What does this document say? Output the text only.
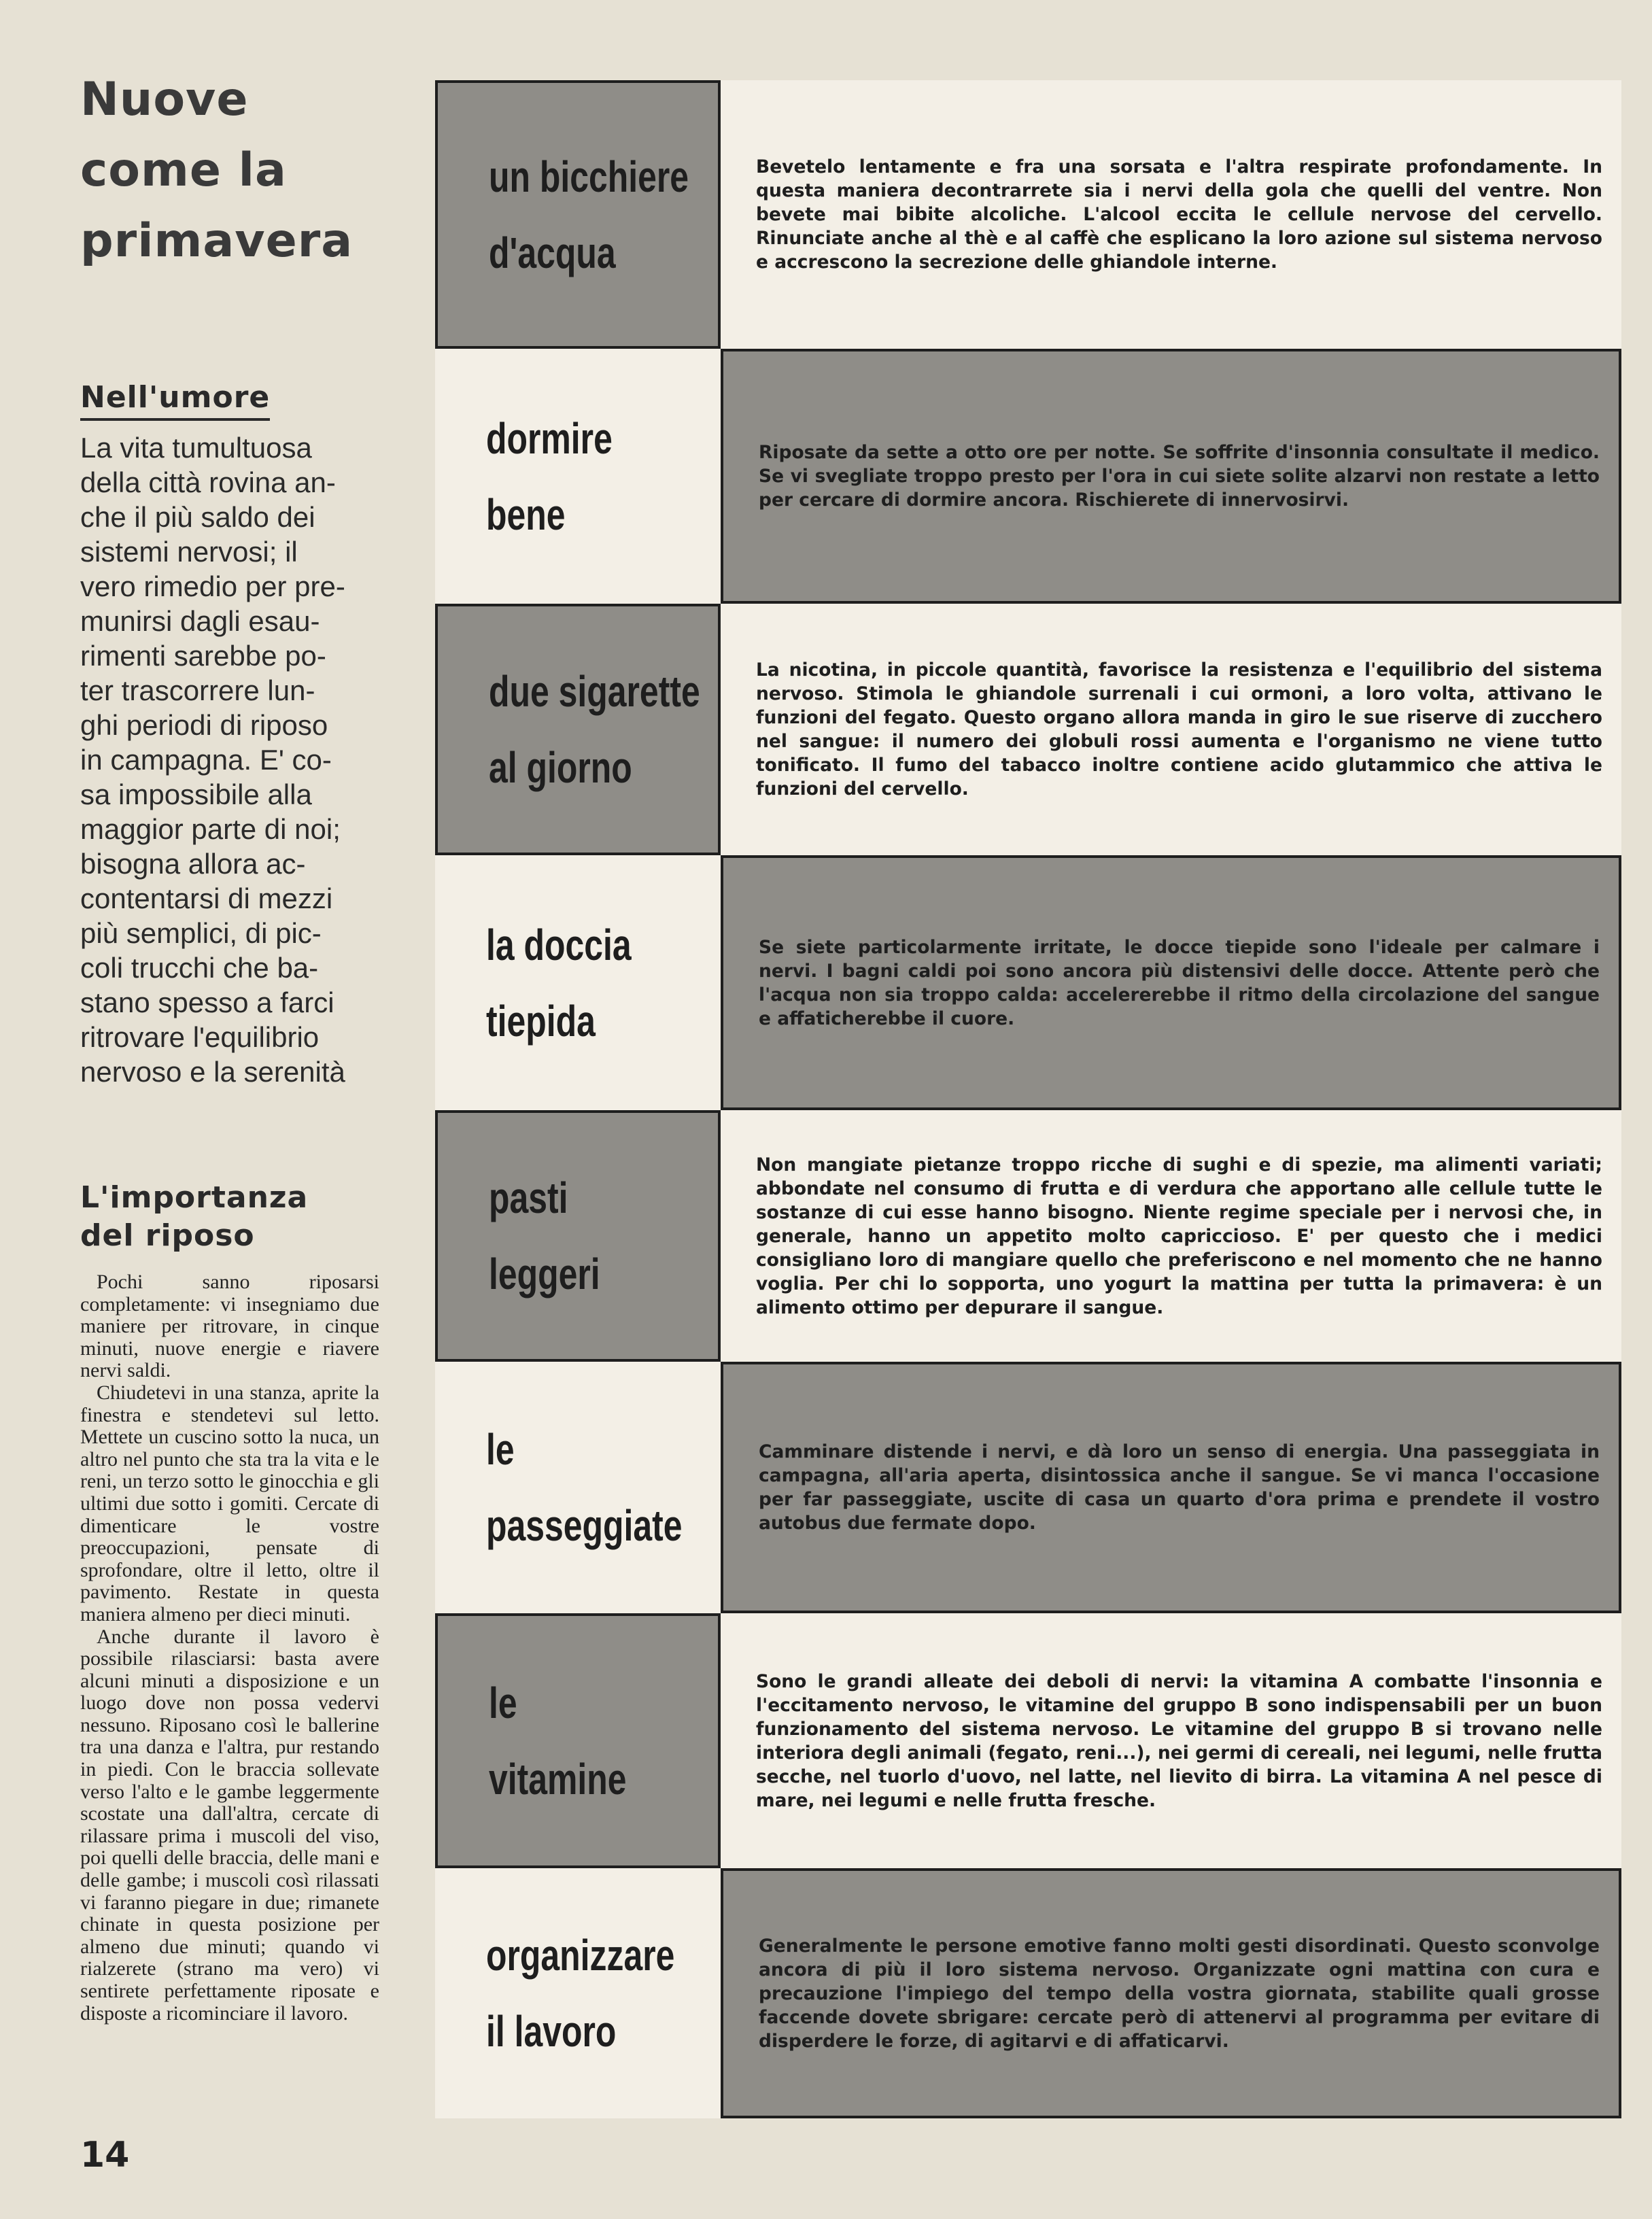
Nuove

come la

primavera

Nell'umore

La vita tumultuosa

della città rovina an-

che il più saldo dei

sistemi nervosi; il

vero rimedio per pre-

munirsi dagli esau-

rimenti sarebbe po-

ter trascorrere lun-

ghi periodi di riposo

in campagna. E' co-

sa impossibile alla

maggior parte di noi;

bisogna allora ac-

contentarsi di mezzi

più semplici, di pic-

coli trucchi che ba-

stano spesso a farci

ritrovare l'equilibrio

nervoso e la serenità

L'importanza

del riposo

Pochi sanno riposarsi completamente: vi insegniamo due maniere per ritrovare, in cinque minuti, nuove energie e riavere nervi saldi.

Chiudetevi in una stanza, aprite la finestra e stendetevi sul letto. Mettete un cuscino sotto la nuca, un altro nel punto che sta tra la vita e le reni, un terzo sotto le ginocchia e gli ultimi due sotto i gomiti. Cercate di dimenticare le vostre preoccupazioni, pensate di sprofondare, oltre il letto, oltre il pavimento. Restate in questa maniera almeno per dieci minuti.

Anche durante il lavoro è possibile rilasciarsi: basta avere alcuni minuti a disposizione e un luogo dove non possa vedervi nessuno. Riposano così le ballerine tra una danza e l'altra, pur restando in piedi. Con le braccia sollevate verso l'alto e le gambe leggermente scostate una dall'altra, cercate di rilassare prima i muscoli del viso, poi quelli delle braccia, delle mani e delle gambe; i muscoli così rilassati vi faranno piegare in due; rimanete chinate in questa posizione per almeno due minuti; quando vi rialzerete (strano ma vero) vi sentirete perfettamente riposate e disposte a ricominciare il lavoro.

14
un bicchiere
d'acqua

Bevetelo lentamente e fra una sorsata e l'altra respirate profondamente. In questa maniera decontrarrete sia i nervi della gola che quelli del ventre. Non bevete mai bibite alcoliche. L'alcool eccita le cellule nervose del cervello. Rinunciate anche al thè e al caffè che esplicano la loro azione sul sistema nervoso e accrescono la secrezione delle ghiandole interne.

dormire
bene

Riposate da sette a otto ore per notte. Se soffrite d'insonnia consultate il medico. Se vi svegliate troppo presto per l'ora in cui siete solite alzarvi non restate a letto per cercare di dormire ancora. Rischierete di innervosirvi.

due sigarette
al giorno

La nicotina, in piccole quantità, favorisce la resistenza e l'equilibrio del sistema nervoso. Stimola le ghiandole surrenali i cui ormoni, a loro volta, attivano le funzioni del fegato. Questo organo allora manda in giro le sue riserve di zucchero nel sangue: il numero dei globuli rossi aumenta e l'organismo ne viene tutto tonificato. Il fumo del tabacco inoltre contiene acido glutammico che attiva le funzioni del cervello.

la doccia
tiepida

Se siete particolarmente irritate, le docce tiepide sono l'ideale per calmare i nervi. I bagni caldi poi sono ancora più distensivi delle docce. Attente però che l'acqua non sia troppo calda: accelererebbe il ritmo della circolazione del sangue e affaticherebbe il cuore.

pasti
leggeri

Non mangiate pietanze troppo ricche di sughi e di spezie, ma alimenti variati; abbondate nel consumo di frutta e di verdura che apportano alle cellule tutte le sostanze di cui esse hanno bisogno. Niente regime speciale per i nervosi che, in generale, hanno un appetito molto capriccioso. E' per questo che i medici consigliano loro di mangiare quello che preferiscono e nel momento che ne hanno voglia. Per chi lo sopporta, uno yogurt la mattina per tutta la primavera: è un alimento ottimo per depurare il sangue.

le
passeggiate

Camminare distende i nervi, e dà loro un senso di energia. Una passeggiata in campagna, all'aria aperta, disintossica anche il sangue. Se vi manca l'occasione per far passeggiate, uscite di casa un quarto d'ora prima e prendete il vostro autobus due fermate dopo.

le
vitamine

Sono le grandi alleate dei deboli di nervi: la vitamina A combatte l'insonnia e l'eccitamento nervoso, le vitamine del gruppo B sono indispensabili per un buon funzionamento del sistema nervoso. Le vitamine del gruppo B si trovano nelle interiora degli animali (fegato, reni...), nei germi di cereali, nei legumi, nelle frutta secche, nel tuorlo d'uovo, nel latte, nel lievito di birra. La vitamina A nel pesce di mare, nei legumi e nelle frutta fresche.

organizzare
il lavoro

Generalmente le persone emotive fanno molti gesti disordinati. Questo sconvolge ancora di più il loro sistema nervoso. Organizzate ogni mattina con cura e precauzione l'impiego del tempo della vostra giornata, stabilite quali grosse faccende dovete sbrigare: cercate però di attenervi al programma per evitare di disperdere le forze, di agitarvi e di affaticarvi.
